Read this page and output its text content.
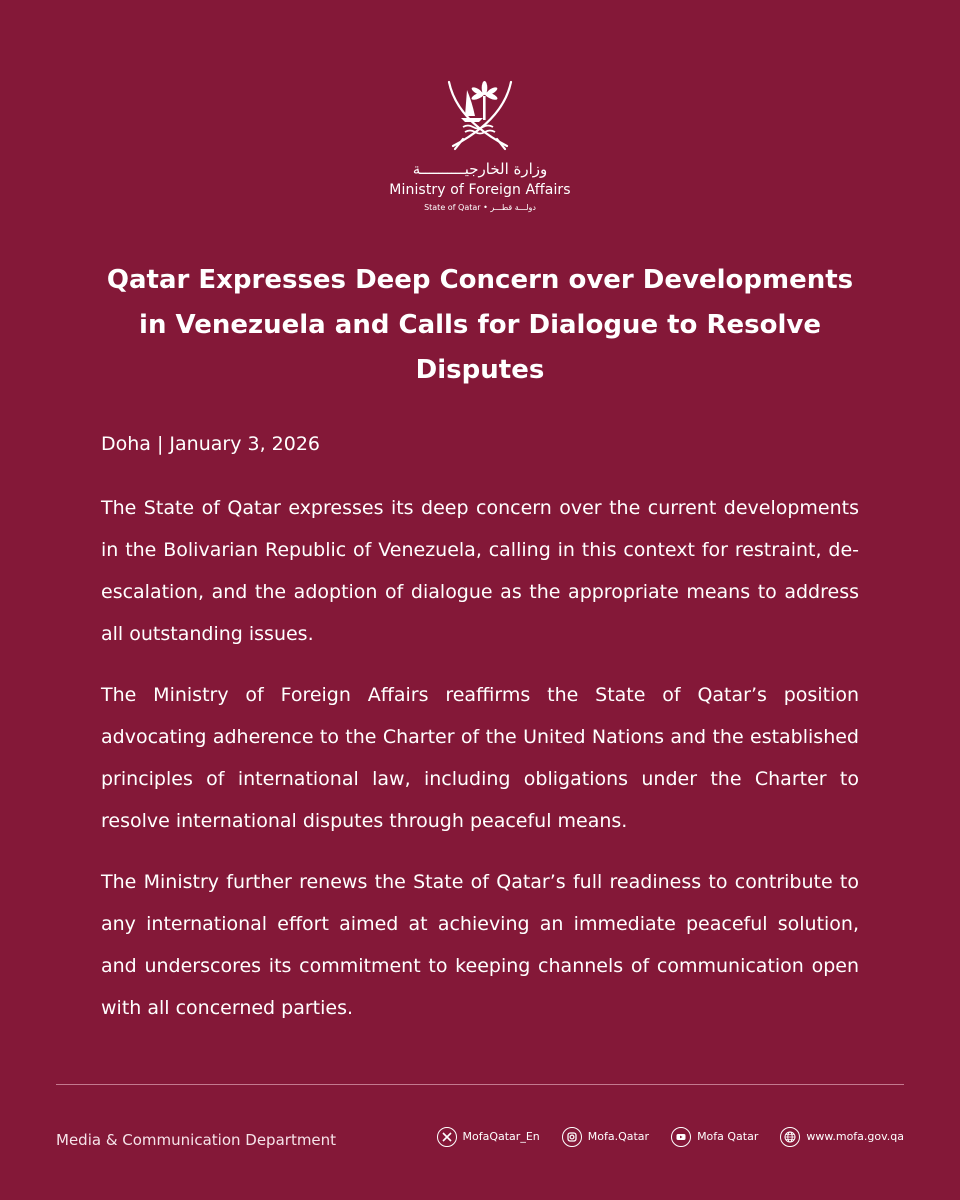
وزارة الخارجيــــــــــة
Ministry of Foreign Affairs
State of Qatar • دولـــة قطـــر
Qatar Expresses Deep Concern over Developments in Venezuela and Calls for Dialogue to Resolve Disputes
Doha | January 3, 2026

The State of Qatar expresses its deep concern over the current developments in the Bolivarian Republic of Venezuela, calling in this context for restraint, de-escalation, and the adoption of dialogue as the appropriate means to address all outstanding issues.

The Ministry of Foreign Affairs reaffirms the State of Qatar’s position advocating adherence to the Charter of the United Nations and the established principles of international law, including obligations under the Charter to resolve international disputes through peaceful means.

The Ministry further renews the State of Qatar’s full readiness to contribute to any international effort aimed at achieving an immediate peaceful solution, and underscores its commitment to keeping channels of communication open with all concerned parties.

Media & Communication Department	MofaQatar_En	Mofa.Qatar	Mofa Qatar	www.mofa.gov.qa
